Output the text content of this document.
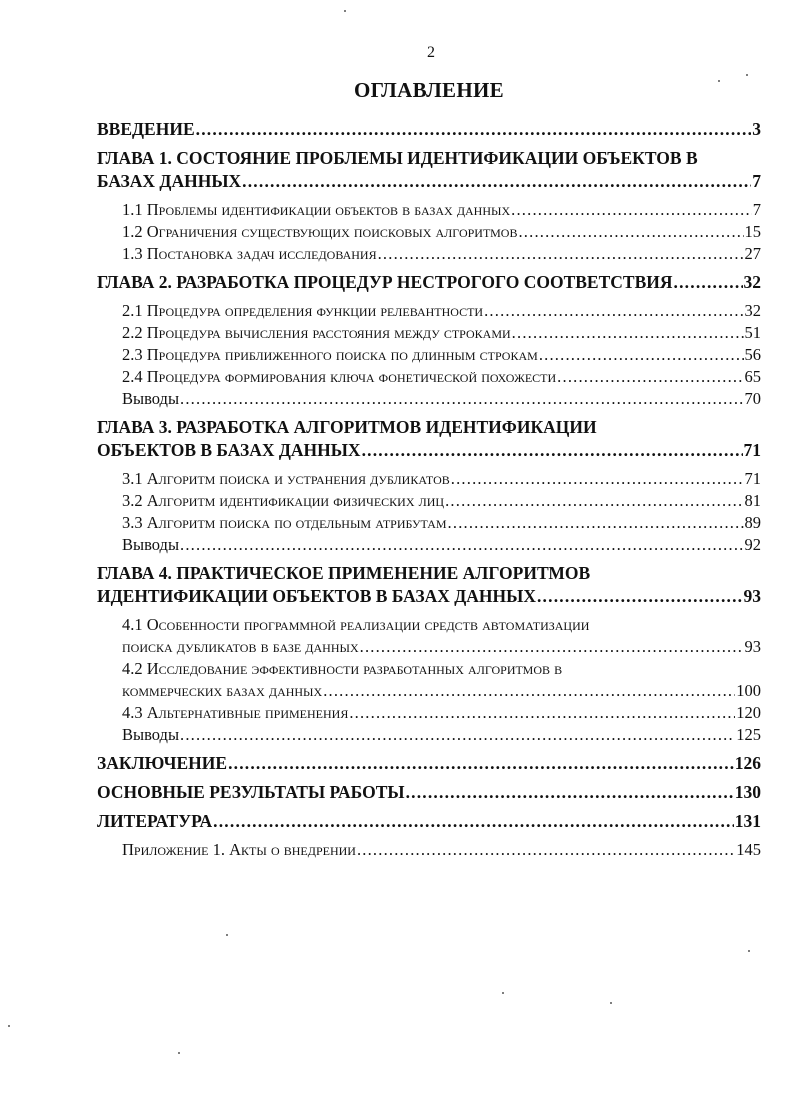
2
ОГЛАВЛЕНИЕ
ВВЕДЕНИЕ .....	3
ГЛАВА 1. СОСТОЯНИЕ ПРОБЛЕМЫ ИДЕНТИФИКАЦИИ ОБЪЕКТОВ В
БАЗАХ ДАННЫХ .....	7
1.1 Проблемы идентификации объектов в базах данных .....	7
1.2 Ограничения существующих поисковых алгоритмов .....	15
1.3 Постановка задач исследования .....	27
ГЛАВА 2. РАЗРАБОТКА ПРОЦЕДУР НЕСТРОГОГО СООТВЕТСТВИЯ .....	32
2.1 Процедура определения функции релевантности .....	32
2.2 Процедура вычисления расстояния между строками .....	51
2.3 Процедура приближенного поиска по длинным строкам .....	56
2.4 Процедура формирования ключа фонетической похожести .....	65
Выводы .....	70
ГЛАВА 3. РАЗРАБОТКА АЛГОРИТМОВ ИДЕНТИФИКАЦИИ
ОБЪЕКТОВ В БАЗАХ ДАННЫХ .....	71
3.1 Алгоритм поиска и устранения дубликатов .....	71
3.2 Алгоритм идентификации физических лиц .....	81
3.3 Алгоритм поиска по отдельным атрибутам .....	89
Выводы .....	92
ГЛАВА 4. ПРАКТИЧЕСКОЕ ПРИМЕНЕНИЕ АЛГОРИТМОВ
ИДЕНТИФИКАЦИИ ОБЪЕКТОВ В БАЗАХ ДАННЫХ .....	93
4.1 Особенности программной реализации средств автоматизации
поиска дубликатов в базе данных .....	93
4.2 Исследование эффективности разработанных алгоритмов в
коммерческих базах данных .....	100
4.3 Альтернативные применения .....	120
Выводы .....	125
ЗАКЛЮЧЕНИЕ .....	126
ОСНОВНЫЕ РЕЗУЛЬТАТЫ РАБОТЫ .....	130
ЛИТЕРАТУРА .....	131
Приложение 1. Акты о внедрении .....	145
